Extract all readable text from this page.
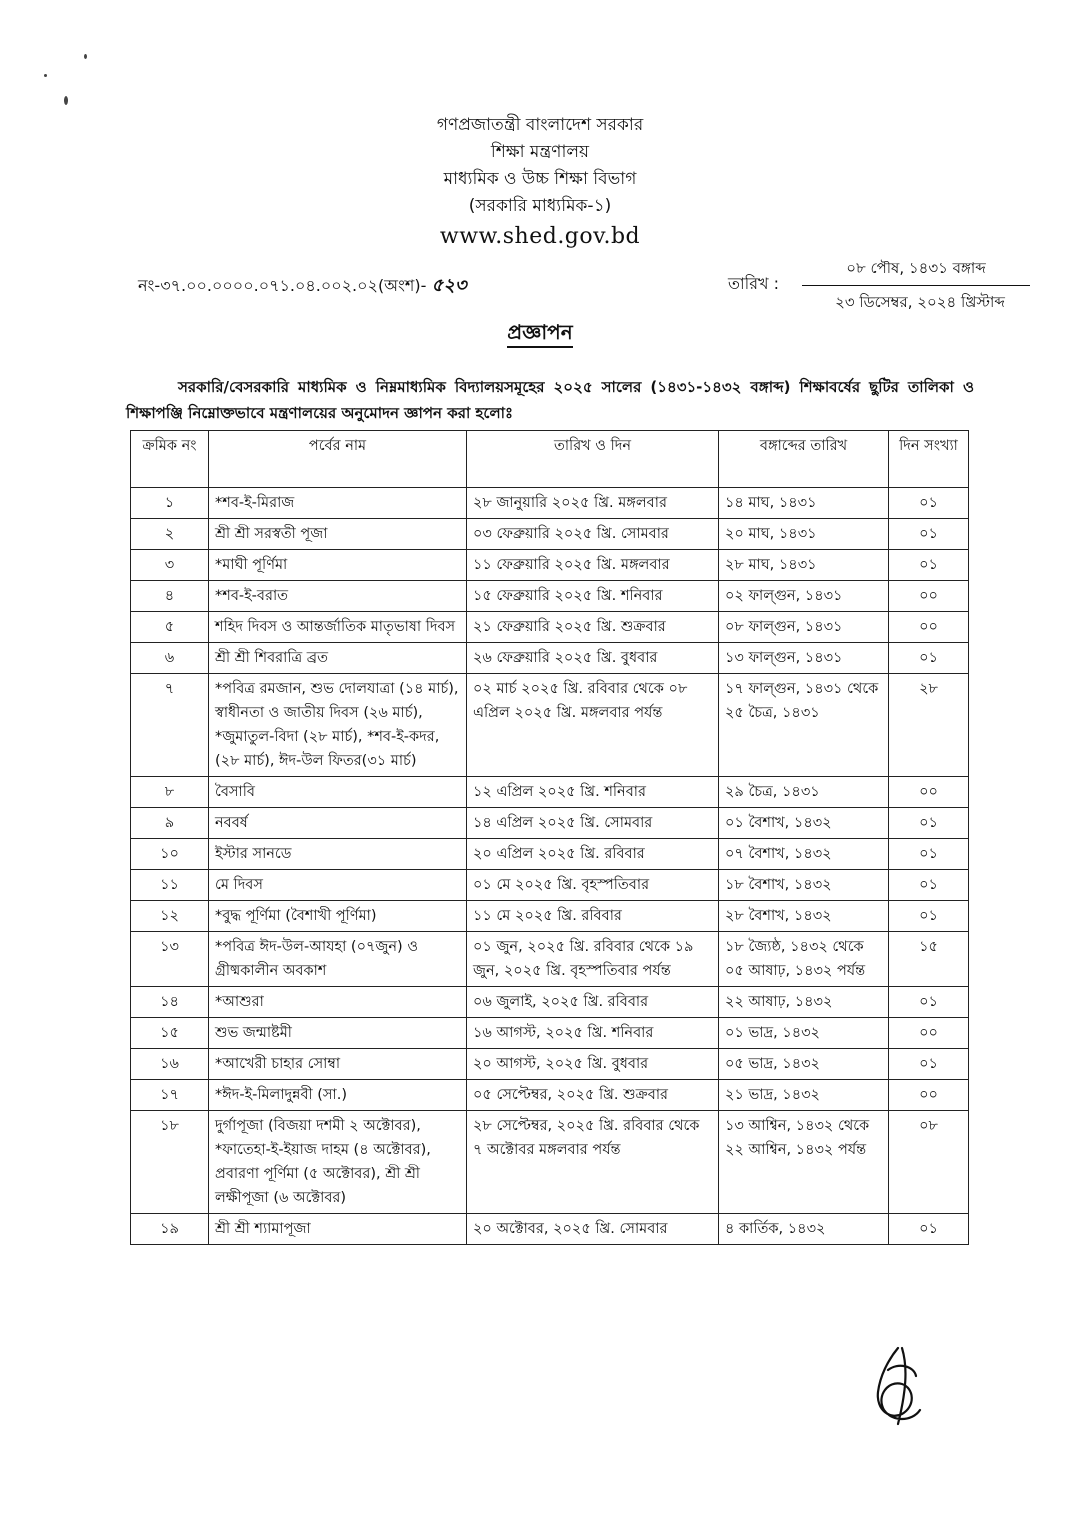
গণপ্রজাতন্ত্রী বাংলাদেশ সরকার
শিক্ষা মন্ত্রণালয়
মাধ্যমিক ও উচ্চ শিক্ষা বিভাগ
(সরকারি মাধ্যমিক-১)
www.shed.gov.bd
নং-৩৭.০০.০০০০.০৭১.০৪.০০২.০২(অংশ)- ৫২৩	তারিখ :
০৮ পৌষ, ১৪৩১ বঙ্গাব্দ
২৩ ডিসেম্বর, ২০২৪ খ্রিস্টাব্দ
প্রজ্ঞাপন
সরকারি/বেসরকারি মাধ্যমিক ও নিম্নমাধ্যমিক বিদ্যালয়সমূহের ২০২৫ সালের (১৪৩১-১৪৩২ বঙ্গাব্দ) শিক্ষাবর্ষের ছুটির তালিকা ও শিক্ষাপঞ্জি নিম্নোক্তভাবে মন্ত্রণালয়ের অনুমোদন জ্ঞাপন করা হলোঃ
ক্রমিক নং	পর্বের নাম	তারিখ ও দিন	বঙ্গাব্দের তারিখ	দিন সংখ্যা
১	*শব-ই-মিরাজ	২৮ জানুয়ারি ২০২৫ খ্রি. মঙ্গলবার	১৪ মাঘ, ১৪৩১	০১
২	শ্রী শ্রী সরস্বতী পূজা	০৩ ফেব্রুয়ারি ২০২৫ খ্রি. সোমবার	২০ মাঘ, ১৪৩১	০১
৩	*মাঘী পূর্ণিমা	১১ ফেব্রুয়ারি ২০২৫ খ্রি. মঙ্গলবার	২৮ মাঘ, ১৪৩১	০১
৪	*শব-ই-বরাত	১৫ ফেব্রুয়ারি ২০২৫ খ্রি. শনিবার	০২ ফাল্গুন, ১৪৩১	০০
৫	শহিদ দিবস ও আন্তর্জাতিক মাতৃভাষা দিবস	২১ ফেব্রুয়ারি ২০২৫ খ্রি. শুক্রবার	০৮ ফাল্গুন, ১৪৩১	০০
৬	শ্রী শ্রী শিবরাত্রি ব্রত	২৬ ফেব্রুয়ারি ২০২৫ খ্রি. বুধবার	১৩ ফাল্গুন, ১৪৩১	০১
৭	*পবিত্র রমজান, শুভ দোলযাত্রা (১৪ মার্চ), স্বাধীনতা ও জাতীয় দিবস (২৬ মার্চ), *জুমাতুল-বিদা (২৮ মার্চ), *শব-ই-কদর,(২৮ মার্চ), ঈদ-উল ফিতর(৩১ মার্চ)	০২ মার্চ ২০২৫ খ্রি. রবিবার থেকে ০৮ এপ্রিল ২০২৫ খ্রি. মঙ্গলবার পর্যন্ত	১৭ ফাল্গুন, ১৪৩১ থেকে ২৫ চৈত্র, ১৪৩১	২৮
৮	বৈসাবি	১২ এপ্রিল ২০২৫ খ্রি. শনিবার	২৯ চৈত্র, ১৪৩১	০০
৯	নববর্ষ	১৪ এপ্রিল ২০২৫ খ্রি. সোমবার	০১ বৈশাখ, ১৪৩২	০১
১০	ইস্টার সানডে	২০ এপ্রিল ২০২৫ খ্রি. রবিবার	০৭ বৈশাখ, ১৪৩২	০১
১১	মে দিবস	০১ মে ২০২৫ খ্রি. বৃহস্পতিবার	১৮ বৈশাখ, ১৪৩২	০১
১২	*বুদ্ধ পূর্ণিমা (বৈশাখী পূর্ণিমা)	১১ মে ২০২৫ খ্রি. রবিবার	২৮ বৈশাখ, ১৪৩২	০১
১৩	*পবিত্র ঈদ-উল-আযহা (০৭জুন) ও গ্রীষ্মকালীন অবকাশ	০১ জুন, ২০২৫ খ্রি. রবিবার থেকে ১৯ জুন, ২০২৫ খ্রি. বৃহস্পতিবার পর্যন্ত	১৮ জ্যৈষ্ঠ, ১৪৩২ থেকে ০৫ আষাঢ়, ১৪৩২ পর্যন্ত	১৫
১৪	*আশুরা	০৬ জুলাই, ২০২৫ খ্রি. রবিবার	২২ আষাঢ়, ১৪৩২	০১
১৫	শুভ জন্মাষ্টমী	১৬ আগস্ট, ২০২৫ খ্রি. শনিবার	০১ ভাদ্র, ১৪৩২	০০
১৬	*আখেরী চাহার সোম্বা	২০ আগস্ট, ২০২৫ খ্রি. বুধবার	০৫ ভাদ্র, ১৪৩২	০১
১৭	*ঈদ-ই-মিলাদুন্নবী (সা.)	০৫ সেপ্টেম্বর, ২০২৫ খ্রি. শুক্রবার	২১ ভাদ্র, ১৪৩২	০০
১৮	দুর্গাপূজা (বিজয়া দশমী ২ অক্টোবর), *ফাতেহা-ই-ইয়াজ দাহম (৪ অক্টোবর), প্রবারণা পূর্ণিমা (৫ অক্টোবর), শ্রী শ্রী লক্ষীপূজা (৬ অক্টোবর)	২৮ সেপ্টেম্বর, ২০২৫ খ্রি. রবিবার থেকে ৭ অক্টোবর মঙ্গলবার পর্যন্ত	১৩ আশ্বিন, ১৪৩২ থেকে ২২ আশ্বিন, ১৪৩২ পর্যন্ত	০৮
১৯	শ্রী শ্রী শ্যামাপূজা	২০ অক্টোবর, ২০২৫ খ্রি. সোমবার	৪ কার্তিক, ১৪৩২	০১
